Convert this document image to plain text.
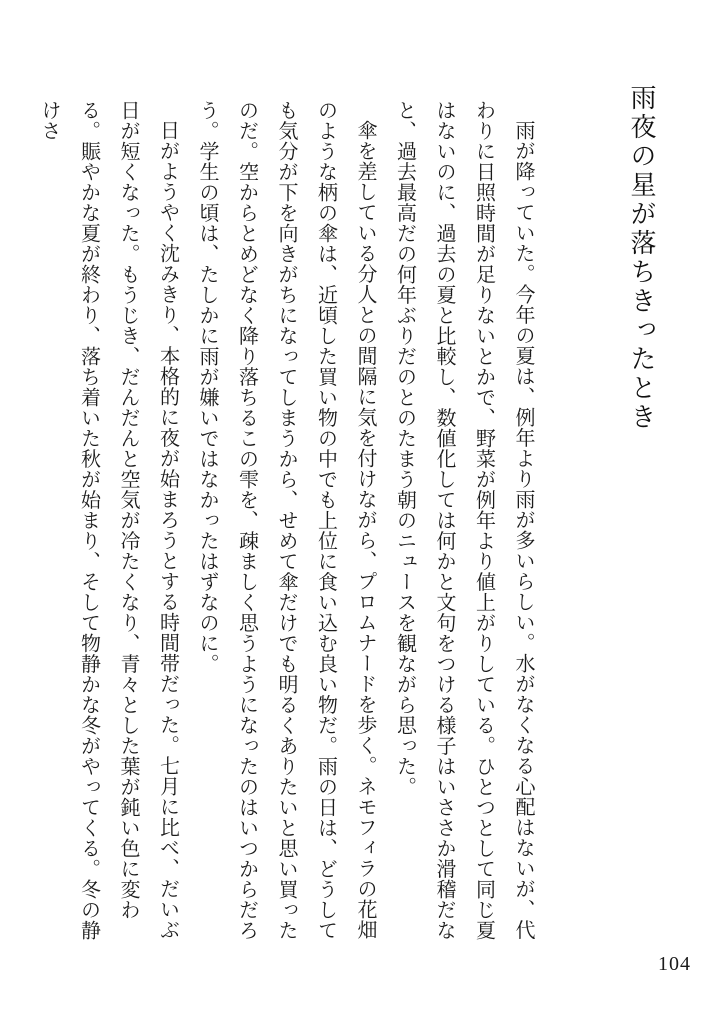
雨夜の星が落ちきったとき

雨が降っていた。今年の夏は、例年より雨が多いらしい。水がなくなる心配はないが、代わりに日照時間が足りないとかで、野菜が例年より値上がりしている。ひとつとして同じ夏はないのに、過去の夏と比較し、数値化しては何かと文句をつける様子はいささか滑稽だなと、過去最高だの何年ぶりだのとのたまう朝のニュースを観ながら思った。

傘を差している分人との間隔に気を付けながら、プロムナードを歩く。ネモフィラの花畑のような柄の傘は、近頃した買い物の中でも上位に食い込む良い物だ。雨の日は、どうしても気分が下を向きがちになってしまうから、せめて傘だけでも明るくありたいと思い買ったのだ。空からとめどなく降り落ちるこの雫を、疎ましく思うようになったのはいつからだろう。学生の頃は、たしかに雨が嫌いではなかったはずなのに。

日がようやく沈みきり、本格的に夜が始まろうとする時間帯だった。七月に比べ、だいぶ日が短くなった。もうじき、だんだんと空気が冷たくなり、青々とした葉が鈍い色に変わる。賑やかな夏が終わり、落ち着いた秋が始まり、そして物静かな冬がやってくる。冬の静けさ

104
